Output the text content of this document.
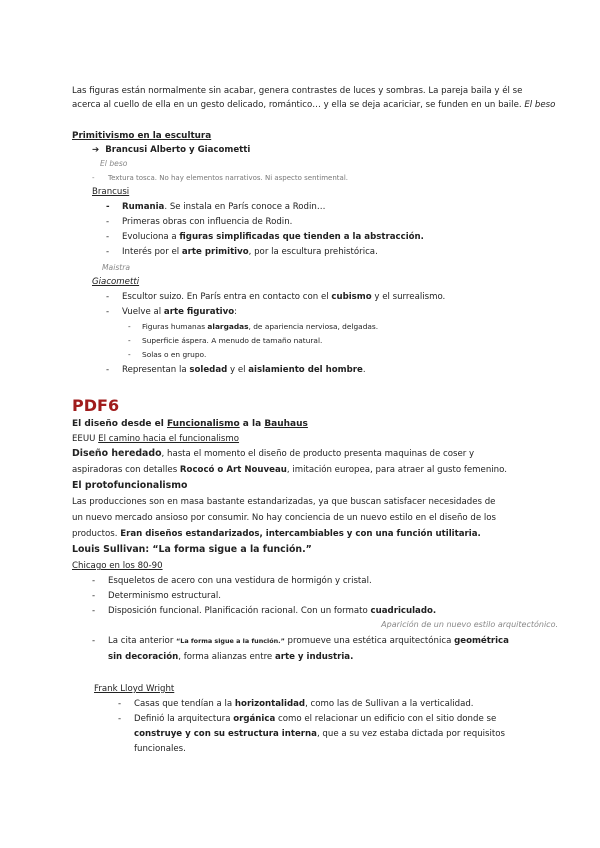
Las figuras están normalmente sin acabar, genera contrastes de luces y sombras. La pareja baila y él se
acerca al cuello de ella en un gesto delicado, romántico… y ella se deja acariciar, se funden en un baile. El beso
Primitivismo en la escultura
➔ Brancusi Alberto y Giacometti
El beso
- Textura tosca. No hay elementos narrativos. Ni aspecto sentimental.
Brancusi
- Rumania. Se instala en París conoce a Rodin…
- Primeras obras con influencia de Rodin.
- Evoluciona a figuras simplificadas que tienden a la abstracción.
- Interés por el arte primitivo, por la escultura prehistórica.
Maistra
Giacometti
- Escultor suizo. En París entra en contacto con el cubismo y el surrealismo.
- Vuelve al arte figurativo:
- Figuras humanas alargadas, de apariencia nerviosa, delgadas.
- Superficie áspera. A menudo de tamaño natural.
- Solas o en grupo.
- Representan la soledad y el aislamiento del hombre.
PDF6
El diseño desde el Funcionalismo a la Bauhaus
EEUU El camino hacia el funcionalismo
Diseño heredado, hasta el momento el diseño de producto presenta maquinas de coser y
aspiradoras con detalles Rococó o Art Nouveau, imitación europea, para atraer al gusto femenino.
El protofuncionalismo
Las producciones son en masa bastante estandarizadas, ya que buscan satisfacer necesidades de
un nuevo mercado ansioso por consumir. No hay conciencia de un nuevo estilo en el diseño de los
productos. Eran diseños estandarizados, intercambiables y con una función utilitaria.
Louis Sullivan: “La forma sigue a la función.”
Chicago en los 80-90
- Esqueletos de acero con una vestidura de hormigón y cristal.
- Determinismo estructural.
- Disposición funcional. Planificación racional. Con un formato cuadriculado.
Aparición de un nuevo estilo arquitectónico.
- La cita anterior “La forma sigue a la función.” promueve una estética arquitectónica geométrica
sin decoración, forma alianzas entre arte y industria.
Frank Lloyd Wright
- Casas que tendían a la horizontalidad, como las de Sullivan a la verticalidad.
- Definió la arquitectura orgánica como el relacionar un edificio con el sitio donde se
construye y con su estructura interna, que a su vez estaba dictada por requisitos
funcionales.
